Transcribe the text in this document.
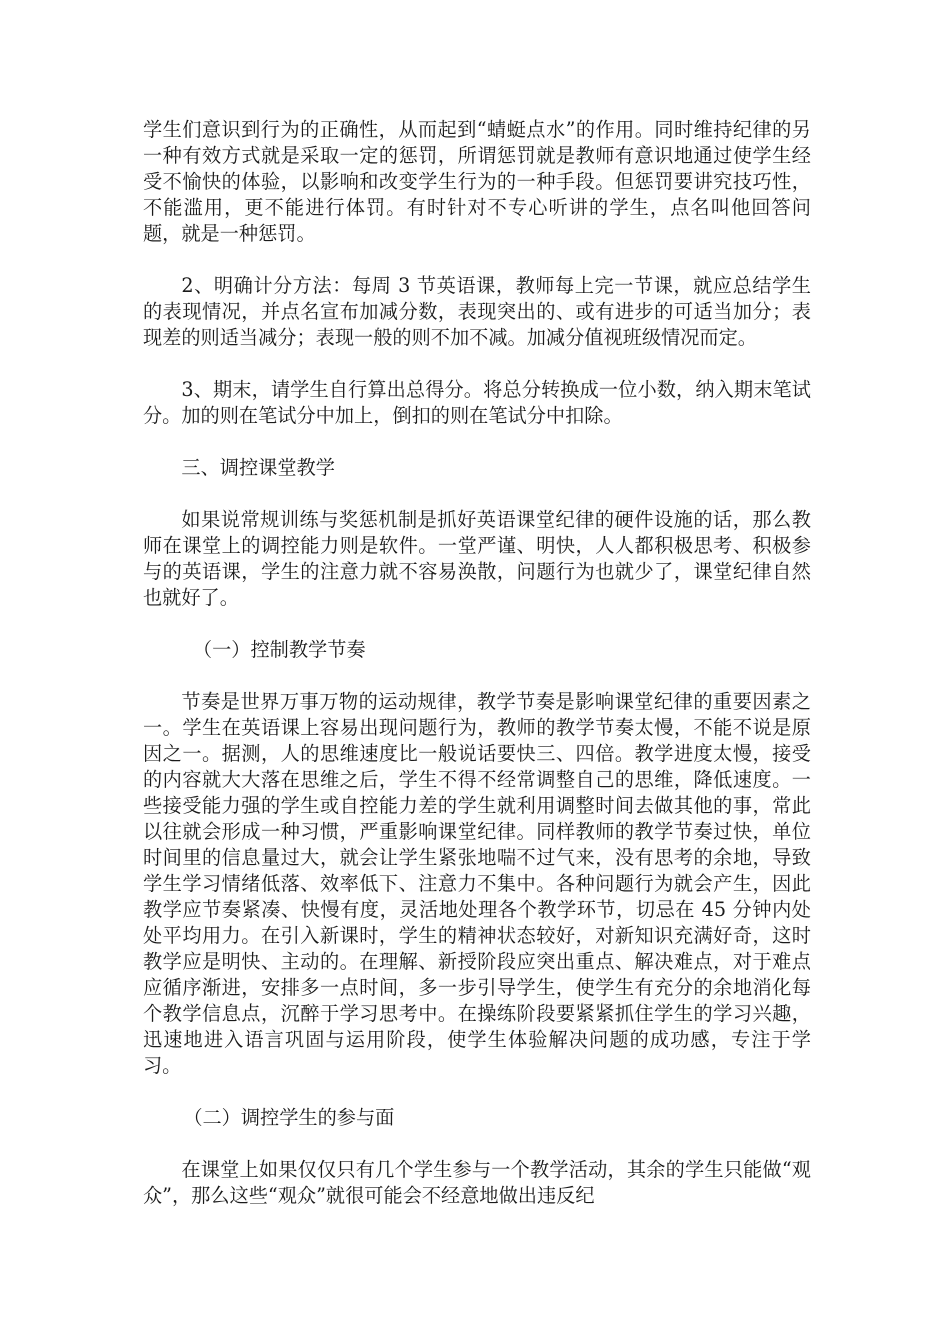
学生们意识到行为的正确性，从而起到“蜻蜓点水”的作用。同时维持纪律的另一种有效方式就是采取一定的惩罚，所谓惩罚就是教师有意识地通过使学生经受不愉快的体验，以影响和改变学生行为的一种手段。但惩罚要讲究技巧性，不能滥用，更不能进行体罚。有时针对不专心听讲的学生，点名叫他回答问题，就是一种惩罚。

2、明确计分方法：每周 3 节英语课，教师每上完一节课，就应总结学生的表现情况，并点名宣布加减分数，表现突出的、或有进步的可适当加分；表现差的则适当减分；表现一般的则不加不减。加减分值视班级情况而定。

3、期末，请学生自行算出总得分。将总分转换成一位小数，纳入期末笔试分。加的则在笔试分中加上，倒扣的则在笔试分中扣除。

三、调控课堂教学

如果说常规训练与奖惩机制是抓好英语课堂纪律的硬件设施的话，那么教师在课堂上的调控能力则是软件。一堂严谨、明快，人人都积极思考、积极参与的英语课，学生的注意力就不容易涣散，问题行为也就少了，课堂纪律自然也就好了。

（一）控制教学节奏

节奏是世界万事万物的运动规律，教学节奏是影响课堂纪律的重要因素之一。学生在英语课上容易出现问题行为，教师的教学节奏太慢，不能不说是原因之一。据测，人的思维速度比一般说话要快三、四倍。教学进度太慢，接受的内容就大大落在思维之后，学生不得不经常调整自己的思维，降低速度。一些接受能力强的学生或自控能力差的学生就利用调整时间去做其他的事，常此以往就会形成一种习惯，严重影响课堂纪律。同样教师的教学节奏过快，单位时间里的信息量过大，就会让学生紧张地喘不过气来，没有思考的余地，导致学生学习情绪低落、效率低下、注意力不集中。各种问题行为就会产生，因此教学应节奏紧凑、快慢有度，灵活地处理各个教学环节，切忌在 45 分钟内处处平均用力。在引入新课时，学生的精神状态较好，对新知识充满好奇，这时教学应是明快、主动的。在理解、新授阶段应突出重点、解决难点，对于难点应循序渐进，安排多一点时间，多一步引导学生，使学生有充分的余地消化每个教学信息点，沉醉于学习思考中。在操练阶段要紧紧抓住学生的学习兴趣，迅速地进入语言巩固与运用阶段，使学生体验解决问题的成功感，专注于学习。

（二）调控学生的参与面

在课堂上如果仅仅只有几个学生参与一个教学活动，其余的学生只能做“观众”，那么这些“观众”就很可能会不经意地做出违反纪
